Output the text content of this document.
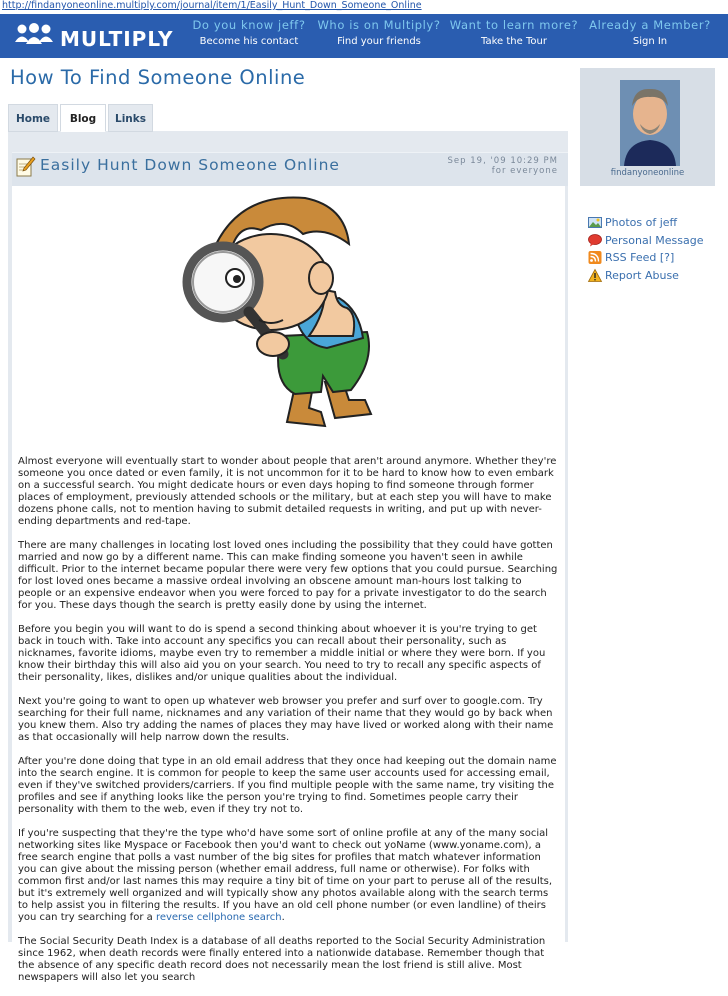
http://findanyoneonline.multiply.com/journal/item/1/Easily_Hunt_Down_Someone_Online
MULTIPLY
Do you know jeff?
Become his contact
Who is on Multiply?
Find your friends
Want to learn more?
Take the Tour
Already a Member?
Sign In
How To Find Someone Online
Home	Blog	Links
Easily Hunt Down Someone Online	Sep 19, '09 10:29 PM
for everyone

Almost everyone will eventually start to wonder about people that aren't around anymore. Whether they're someone you once dated or even family, it is not uncommon for it to be hard to know how to even embark on a successful search. You might dedicate hours or even days hoping to find someone through former places of employment, previously attended schools or the military, but at each step you will have to make dozens phone calls, not to mention having to submit detailed requests in writing, and put up with never-ending departments and red-tape.

There are many challenges in locating lost loved ones including the possibility that they could have gotten married and now go by a different name. This can make finding someone you haven't seen in awhile difficult. Prior to the internet became popular there were very few options that you could pursue. Searching for lost loved ones became a massive ordeal involving an obscene amount man-hours lost talking to people or an expensive endeavor when you were forced to pay for a private investigator to do the search for you. These days though the search is pretty easily done by using the internet.

Before you begin you will want to do is spend a second thinking about whoever it is you're trying to get back in touch with. Take into account any specifics you can recall about their personality, such as nicknames, favorite idioms, maybe even try to remember a middle initial or where they were born. If you know their birthday this will also aid you on your search. You need to try to recall any specific aspects of their personality, likes, dislikes and/or unique qualities about the individual.

Next you're going to want to open up whatever web browser you prefer and surf over to google.com. Try searching for their full name, nicknames and any variation of their name that they would go by back when you knew them. Also try adding the names of places they may have lived or worked along with their name as that occasionally will help narrow down the results.

After you're done doing that type in an old email address that they once had keeping out the domain name into the search engine. It is common for people to keep the same user accounts used for accessing email, even if they've switched providers/carriers. If you find multiple people with the same name, try visiting the profiles and see if anything looks like the person you're trying to find. Sometimes people carry their personality with them to the web, even if they try not to.

If you're suspecting that they're the type who'd have some sort of online profile at any of the many social networking sites like Myspace or Facebook then you'd want to check out yoName (www.yoname.com), a free search engine that polls a vast number of the big sites for profiles that match whatever information you can give about the missing person (whether email address, full name or otherwise). For folks with common first and/or last names this may require a tiny bit of time on your part to peruse all of the results, but it's extremely well organized and will typically show any photos available along with the search terms to help assist you in filtering the results. If you have an old cell phone number (or even landline) of theirs you can try searching for a reverse cellphone search.

The Social Security Death Index is a database of all deaths reported to the Social Security Administration since 1962, when death records were finally entered into a nationwide database. Remember though that the absence of any specific death record does not necessarily mean the lost friend is still alive. Most newspapers will also let you search

findanyoneonline
Photos of jeff
Personal Message
RSS Feed [?]
Report Abuse
